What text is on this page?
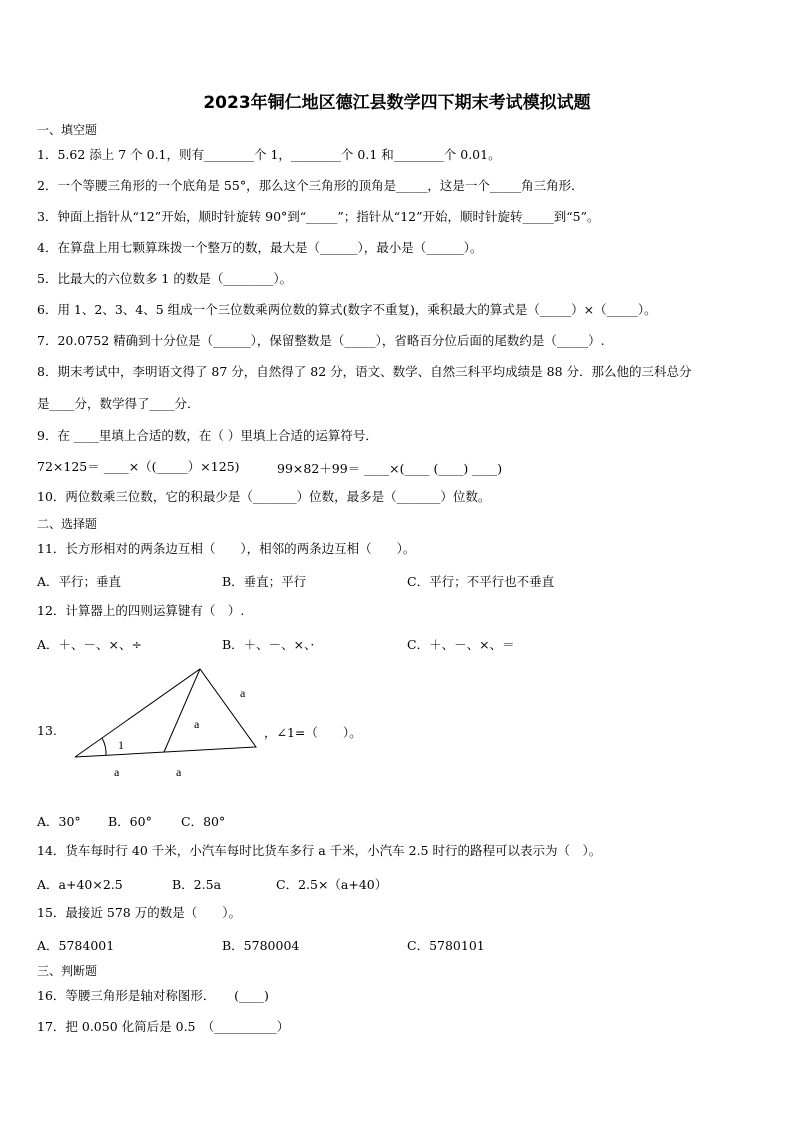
2023年铜仁地区德江县数学四下期末考试模拟试题
一、填空题
1．5.62 添上 7 个 0.1，则有________个 1，________个 0.1 和________个 0.01。
2．一个等腰三角形的一个底角是 55°，那么这个三角形的顶角是_____，这是一个_____角三角形．
3．钟面上指针从“12”开始，顺时针旋转 90°到“_____”；指针从“12”开始，顺时针旋转_____到“5”。
4．在算盘上用七颗算珠拨一个整万的数，最大是（______），最小是（______）。
5．比最大的六位数多 1 的数是（________）。
6．用 1、2、3、4、5 组成一个三位数乘两位数的算式(数字不重复)，乘积最大的算式是（_____）×（_____）。
7．20.0752 精确到十分位是（______），保留整数是（_____），省略百分位后面的尾数约是（_____）.
8．期末考试中，李明语文得了 87 分，自然得了 82 分，语文、数学、自然三科平均成绩是 88 分．那么他的三科总分
是____分，数学得了____分．
9．在 ____里填上合适的数，在（ ）里填上合适的运算符号．
72×125＝ ____×（(_____）×125)	99×82＋99＝ ____×(____ (____) ____)
10．两位数乘三位数，它的积最少是（_______）位数，最多是（_______）位数。
二、选择题
11．长方形相对的两条边互相（　　），相邻的两条边互相（　　）。
A．平行；垂直	B．垂直；平行	C．平行；不平行也不垂直
12．计算器上的四则运算键有（　）.
A．＋、－、×、÷	B．＋、－、×、·	C．＋、－、×、＝
13.
a
a
1
a	a
，∠1=（　　）。
A．30° B．60° C．80°
14．货车每时行 40 千米，小汽车每时比货车多行 a 千米，小汽车 2.5 时行的路程可以表示为（　）。
A．a+40×2.5	B．2.5a	C．2.5×（a+40）
15．最接近 578 万的数是（　　）。
A．5784001	B．5780004	C．5780101
三、判断题
16．等腰三角形是轴对称图形．　　(____)
17．把 0.050 化简后是 0.5　（__________）
